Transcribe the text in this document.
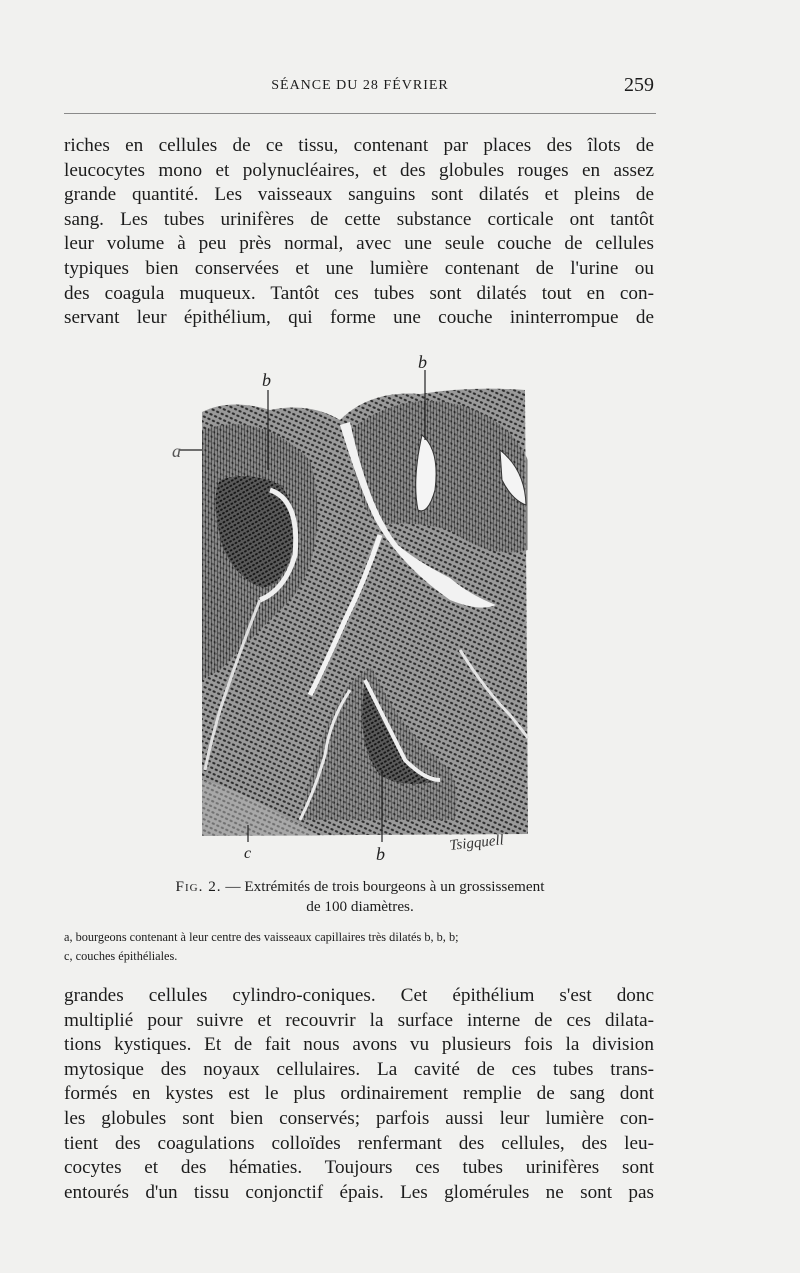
SÉANCE DU 28 FÉVRIER	259
riches en cellules de ce tissu, contenant par places des îlots de
leucocytes mono et polynucléaires, et des globules rouges en assez
grande quantité. Les vaisseaux sanguins sont dilatés et pleins de
sang. Les tubes urinifères de cette substance corticale ont tantôt
leur volume à peu près normal, avec une seule couche de cellules
typiques bien conservées et une lumière contenant de l'urine ou
des coagula muqueux. Tantôt ces tubes sont dilatés tout en con-
servant leur épithélium, qui forme une couche ininterrompue de
b
b
a
c	b
Tsigquell
Fig. 2. — Extrémités de trois bourgeons à un grossissement
de 100 diamètres.
a, bourgeons contenant à leur centre des vaisseaux capillaires très dilatés b, b, b;
c, couches épithéliales.
grandes cellules cylindro-coniques. Cet épithélium s'est donc
multiplié pour suivre et recouvrir la surface interne de ces dilata-
tions kystiques. Et de fait nous avons vu plusieurs fois la division
mytosique des noyaux cellulaires. La cavité de ces tubes trans-
formés en kystes est le plus ordinairement remplie de sang dont
les globules sont bien conservés; parfois aussi leur lumière con-
tient des coagulations colloïdes renfermant des cellules, des leu-
cocytes et des hématies. Toujours ces tubes urinifères sont
entourés d'un tissu conjonctif épais. Les glomérules ne sont pas
